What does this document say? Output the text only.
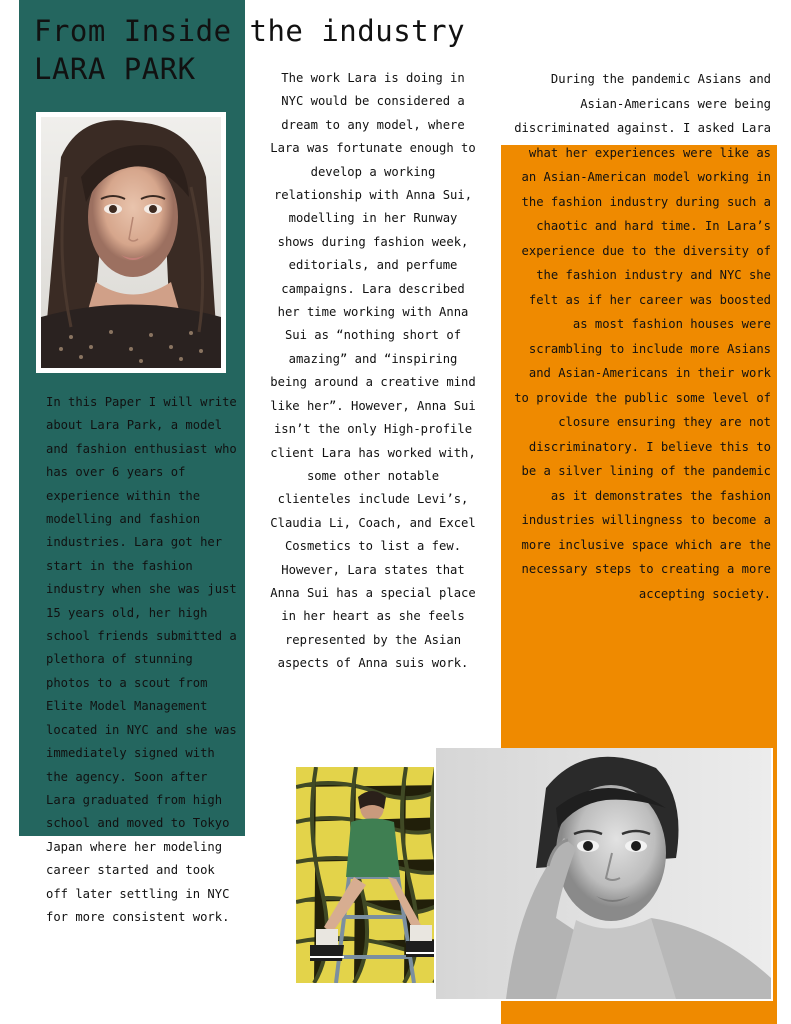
From Inside the industry
LARA PARK
In this Paper I will write about Lara Park, a model and fashion enthusiast who has over 6 years of experience within the modelling and fashion industries. Lara got her start in the fashion industry when she was just 15 years old, her high school friends submitted a plethora of stunning photos to a scout from Elite Model Management located in NYC and she was immediately signed with the agency. Soon after Lara graduated from high school and moved to Tokyo Japan where her modeling career started and took off later settling in NYC for more consistent work.
The work Lara is doing in NYC would be considered a dream to any model, where Lara was fortunate enough to develop a working relationship with Anna Sui, modelling in her Runway shows during fashion week, editorials, and perfume campaigns. Lara described her time working with Anna Sui as “nothing short of amazing” and “inspiring being around a creative mind like her”. However, Anna Sui isn’t the only High-profile client Lara has worked with, some other notable clienteles include Levi’s, Claudia Li, Coach, and Excel Cosmetics to list a few. However, Lara states that Anna Sui has a special place in her heart as she feels represented by the Asian aspects of Anna suis work.
During the pandemic Asians and Asian-Americans were being discriminated against. I asked Lara what her experiences were like as an Asian-American model working in the fashion industry during such a chaotic and hard time. In Lara’s experience due to the diversity of the fashion industry and NYC she felt as if her career was boosted as most fashion houses were scrambling to include more Asians and Asian-Americans in their work to provide the public some level of closure ensuring they are not discriminatory. I believe this to be a silver lining of the pandemic as it demonstrates the fashion industries willingness to become a more inclusive space which are the necessary steps to creating a more accepting society.
